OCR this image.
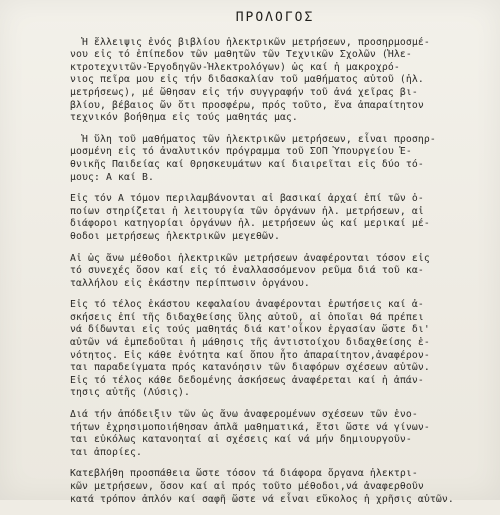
ΠΡΟΛΟΓΟΣ
Ἡ ἔλλειψις ἑνός βιβλίου ἠλεκτρικῶν μετρήσεων, προσηρμοσμέ-
νου εἰς τό ἐπίπεδον τῶν μαθητῶν τῶν Τεχνικῶν Σχολῶν (Ἠλε-
κτροτεχνιτῶν-Ἐργοδηγῶν-Ἠλεκτρολόγων) ὡς καί ἡ μακροχρό-
νιος πεῖρα μου εἰς τήν διδασκαλίαν τοῦ μαθήματος αὐτοῦ (ἠλ.
μετρήσεως), μέ ὥθησαν εἰς τήν συγγραφήν τοῦ ἀνά χεῖρας βι-
βλίου, βέβαιος ὤν ὅτι προσφέρω, πρός τοῦτο, ἕνα ἀπαραίτητον
τεχνικόν βοήθημα εἰς τούς μαθητάς μας.
Ἡ ὕλη τοῦ μαθήματος τῶν ἠλεκτρικῶν μετρήσεων, εἶναι προσηρ-
μοσμένη εἰς τό ἀναλυτικόν πρόγραμμα τοῦ ΣΟΠ Ὑπουργείου Ἐ-
θνικῆς Παιδείας καί Θρησκευμάτων καί διαιρεῖται εἰς δύο τό-
μους: Α καί Β.
Εἰς τόν Α τόμον περιλαμβάνονται αἱ βασικαί ἀρχαί ἐπί τῶν ὁ-
ποίων στηρίζεται ἡ λειτουργία τῶν ὀργάνων ἠλ. μετρήσεων, αἱ
διάφοροι κατηγορίαι ὀργάνων ἠλ. μετρήσεων ὡς καί μερικαί μέ-
θοδοι μετρήσεως ἠλεκτρικῶν μεγεθῶν.
Αἱ ὡς ἄνω μέθοδοι ἠλεκτρικῶν μετρήσεων ἀναφέρονται τόσον εἰς
τό συνεχές ὅσον καί εἰς τό ἐναλλασσόμενον ρεῦμα διά τοῦ κα-
ταλλήλου εἰς ἑκάστην περίπτωσιν ὀργάνου.
Εἰς τό τέλος ἑκάστου κεφαλαίου ἀναφέρονται ἐρωτήσεις καί ἀ-
σκήσεις ἐπί τῆς διδαχθείσης ὕλης αὐτοῦ, αἱ ὁποῖαι θά πρέπει
νά δίδωνται εἰς τούς μαθητάς διά κατ'οἶκον ἐργασίαν ὥστε δι'
αὐτῶν νά ἐμπεδοῦται ἡ μάθησις τῆς ἀντιστοίχου διδαχθείσης ἑ-
νότητος. Εἰς κάθε ἑνότητα καί ὅπου ἦτο ἀπαραίτητον,ἀναφέρον-
ται παραδείγματα πρός κατανόησιν τῶν διαφόρων σχέσεων αὐτῶν.
Εἰς τό τέλος κάθε δεδομένης ἀσκήσεως ἀναφέρεται καί ἡ ἀπάν-
τησις αὐτῆς (Λύσις).
Διά τήν ἀπόδειξιν τῶν ὡς ἄνω ἀναφερομένων σχέσεων τῶν ἑνο-
τήτων ἐχρησιμοποιήθησαν ἁπλᾶ μαθηματικά, ἔτσι ὥστε νά γίνων-
ται εὐκόλως κατανοηταί αἱ σχέσεις καί νά μήν δημιουργοῦν-
ται ἀπορίες.
Κατεβλήθη προσπάθεια ὥστε τόσον τά διάφορα ὄργανα ἠλεκτρι-
κῶν μετρήσεων, ὅσον καί αἱ πρός τοῦτο μέθοδοι,νά ἀναφερθοῦν
κατά τρόπον ἁπλόν καί σαφῆ ὥστε νά εἶναι εὔκολος ἡ χρῆσις αὐτῶν.
